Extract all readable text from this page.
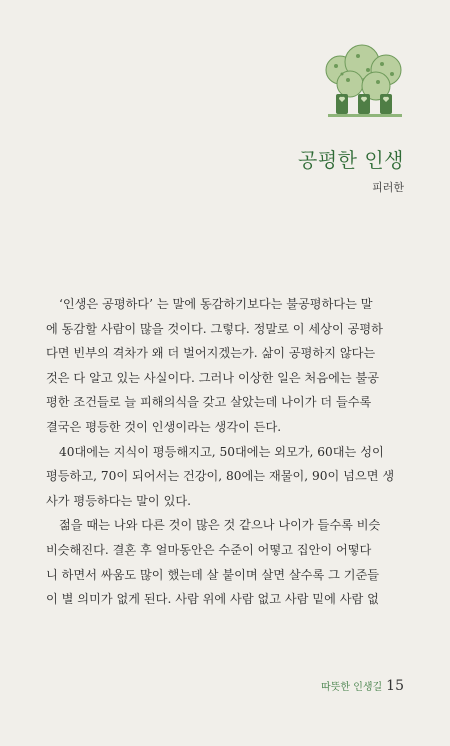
공평한 인생
피러한
‘인생은 공평하다’ 는 말에 동감하기보다는 불공평하다는 말
에 동감할 사람이 많을 것이다. 그렇다. 정말로 이 세상이 공평하
다면 빈부의 격차가 왜 더 벌어지겠는가. 삶이 공평하지 않다는
것은 다 알고 있는 사실이다. 그러나 이상한 일은 처음에는 불공
평한 조건들로 늘 피해의식을 갖고 살았는데 나이가 더 들수록
결국은 평등한 것이 인생이라는 생각이 든다.
40대에는 지식이 평등해지고, 50대에는 외모가, 60대는 성이
평등하고, 70이 되어서는 건강이, 80에는 재물이, 90이 넘으면 생
사가 평등하다는 말이 있다.
젊을 때는 나와 다른 것이 많은 것 같으나 나이가 들수록 비슷
비슷해진다. 결혼 후 얼마동안은 수준이 어떻고 집안이 어떻다
니 하면서 싸움도 많이 했는데 살 붙이며 살면 살수록 그 기준들
이 별 의미가 없게 된다. 사람 위에 사람 없고 사람 밑에 사람 없
따뜻한 인생길 15
